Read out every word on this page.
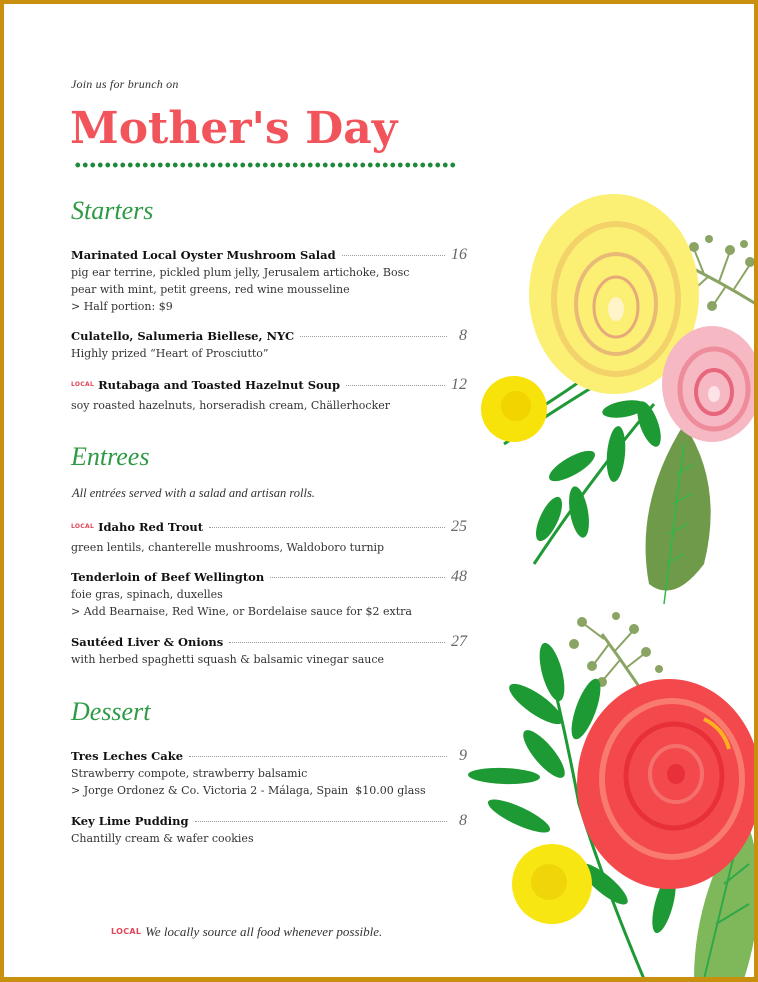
Join us for brunch on
Mother's Day
Starters
Marinated Local Oyster Mushroom Salad	16
pig ear terrine, pickled plum jelly, Jerusalem artichoke, Bosc
pear with mint, petit greens, red wine mousseline
> Half portion: $9
Culatello, Salumeria Biellese, NYC	8
Highly prized “Heart of Prosciutto”
LOCAL Rutabaga and Toasted Hazelnut Soup	12
soy roasted hazelnuts, horseradish cream, Chällerhocker
Entrees
All entrées served with a salad and artisan rolls.
LOCAL Idaho Red Trout	25
green lentils, chanterelle mushrooms, Waldoboro turnip
Tenderloin of Beef Wellington	48
foie gras, spinach, duxelles
> Add Bearnaise, Red Wine, or Bordelaise sauce for $2 extra
Sautéed Liver & Onions	27
with herbed spaghetti squash & balsamic vinegar sauce
Dessert
Tres Leches Cake	9
Strawberry compote, strawberry balsamic
> Jorge Ordonez & Co. Victoria 2 - Málaga, Spain  $10.00 glass
Key Lime Pudding	8
Chantilly cream & wafer cookies
LOCAL We locally source all food whenever possible.
